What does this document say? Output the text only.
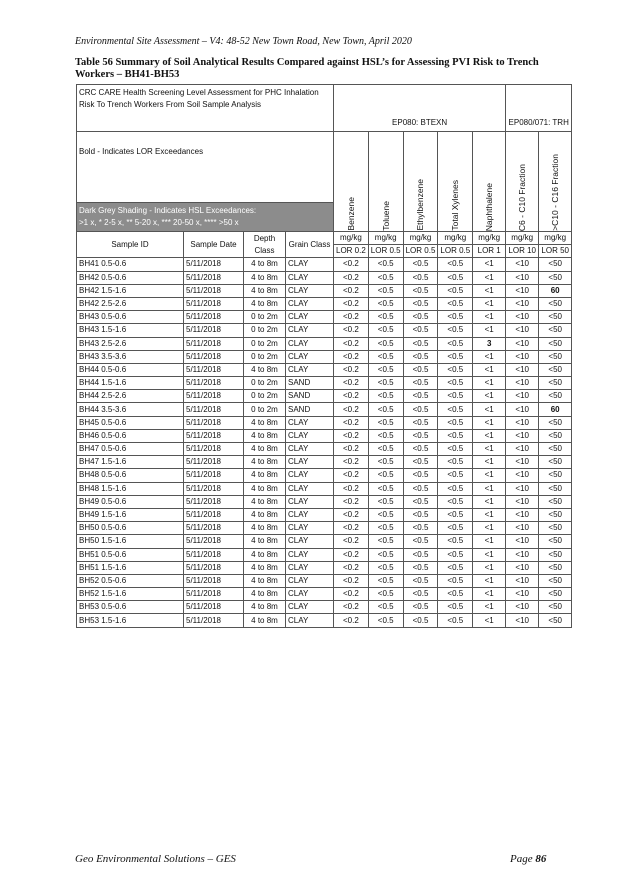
Environmental Site Assessment – V4: 48-52 New Town Road, New Town, April 2020
Table 56 Summary of Soil Analytical Results Compared against HSL’s for Assessing PVI Risk to Trench Workers – BH41-BH53
CRC CARE Health Screening Level Assessment for PHC Inhalation Risk To Trench Workers From Soil Sample Analysis				EP080: BTEXN					EP080/071: TRH	
Bold - Indicates LOR Exceedances				Benzene	Toluene	Ethylbenzene	Total Xylenes	Naphthalene	C6 - C10 Fraction	>C10 - C16 Fraction

Dark Grey Shading - Indicates HSL Exceedances:
>1 x, * 2-5 x, ** 5-20 x, *** 20-50 x, **** >50 x										
Sample ID	Sample Date	Depth Class	Grain Class	mg/kg	mg/kg	mg/kg	mg/kg	mg/kg	mg/kg	mg/kg
				LOR 0.2	LOR 0.5	LOR 0.5	LOR 0.5	LOR 1	LOR 10	LOR 50
BH41 0.5-0.6	5/11/2018	4 to 8m	CLAY	<0.2	<0.5	<0.5	<0.5	<1	<10	<50
BH42 0.5-0.6	5/11/2018	4 to 8m	CLAY	<0.2	<0.5	<0.5	<0.5	<1	<10	<50
BH42 1.5-1.6	5/11/2018	4 to 8m	CLAY	<0.2	<0.5	<0.5	<0.5	<1	<10	60
BH42 2.5-2.6	5/11/2018	4 to 8m	CLAY	<0.2	<0.5	<0.5	<0.5	<1	<10	<50
BH43 0.5-0.6	5/11/2018	0 to 2m	CLAY	<0.2	<0.5	<0.5	<0.5	<1	<10	<50
BH43 1.5-1.6	5/11/2018	0 to 2m	CLAY	<0.2	<0.5	<0.5	<0.5	<1	<10	<50
BH43 2.5-2.6	5/11/2018	0 to 2m	CLAY	<0.2	<0.5	<0.5	<0.5	3	<10	<50
BH43 3.5-3.6	5/11/2018	0 to 2m	CLAY	<0.2	<0.5	<0.5	<0.5	<1	<10	<50
BH44 0.5-0.6	5/11/2018	4 to 8m	CLAY	<0.2	<0.5	<0.5	<0.5	<1	<10	<50
BH44 1.5-1.6	5/11/2018	0 to 2m	SAND	<0.2	<0.5	<0.5	<0.5	<1	<10	<50
BH44 2.5-2.6	5/11/2018	0 to 2m	SAND	<0.2	<0.5	<0.5	<0.5	<1	<10	<50
BH44 3.5-3.6	5/11/2018	0 to 2m	SAND	<0.2	<0.5	<0.5	<0.5	<1	<10	60
BH45 0.5-0.6	5/11/2018	4 to 8m	CLAY	<0.2	<0.5	<0.5	<0.5	<1	<10	<50
BH46 0.5-0.6	5/11/2018	4 to 8m	CLAY	<0.2	<0.5	<0.5	<0.5	<1	<10	<50
BH47 0.5-0.6	5/11/2018	4 to 8m	CLAY	<0.2	<0.5	<0.5	<0.5	<1	<10	<50
BH47 1.5-1.6	5/11/2018	4 to 8m	CLAY	<0.2	<0.5	<0.5	<0.5	<1	<10	<50
BH48 0.5-0.6	5/11/2018	4 to 8m	CLAY	<0.2	<0.5	<0.5	<0.5	<1	<10	<50
BH48 1.5-1.6	5/11/2018	4 to 8m	CLAY	<0.2	<0.5	<0.5	<0.5	<1	<10	<50
BH49 0.5-0.6	5/11/2018	4 to 8m	CLAY	<0.2	<0.5	<0.5	<0.5	<1	<10	<50
BH49 1.5-1.6	5/11/2018	4 to 8m	CLAY	<0.2	<0.5	<0.5	<0.5	<1	<10	<50
BH50 0.5-0.6	5/11/2018	4 to 8m	CLAY	<0.2	<0.5	<0.5	<0.5	<1	<10	<50
BH50 1.5-1.6	5/11/2018	4 to 8m	CLAY	<0.2	<0.5	<0.5	<0.5	<1	<10	<50
BH51 0.5-0.6	5/11/2018	4 to 8m	CLAY	<0.2	<0.5	<0.5	<0.5	<1	<10	<50
BH51 1.5-1.6	5/11/2018	4 to 8m	CLAY	<0.2	<0.5	<0.5	<0.5	<1	<10	<50
BH52 0.5-0.6	5/11/2018	4 to 8m	CLAY	<0.2	<0.5	<0.5	<0.5	<1	<10	<50
BH52 1.5-1.6	5/11/2018	4 to 8m	CLAY	<0.2	<0.5	<0.5	<0.5	<1	<10	<50
BH53 0.5-0.6	5/11/2018	4 to 8m	CLAY	<0.2	<0.5	<0.5	<0.5	<1	<10	<50
BH53 1.5-1.6	5/11/2018	4 to 8m	CLAY	<0.2	<0.5	<0.5	<0.5	<1	<10	<50
Geo Environmental Solutions – GES	Page 86
